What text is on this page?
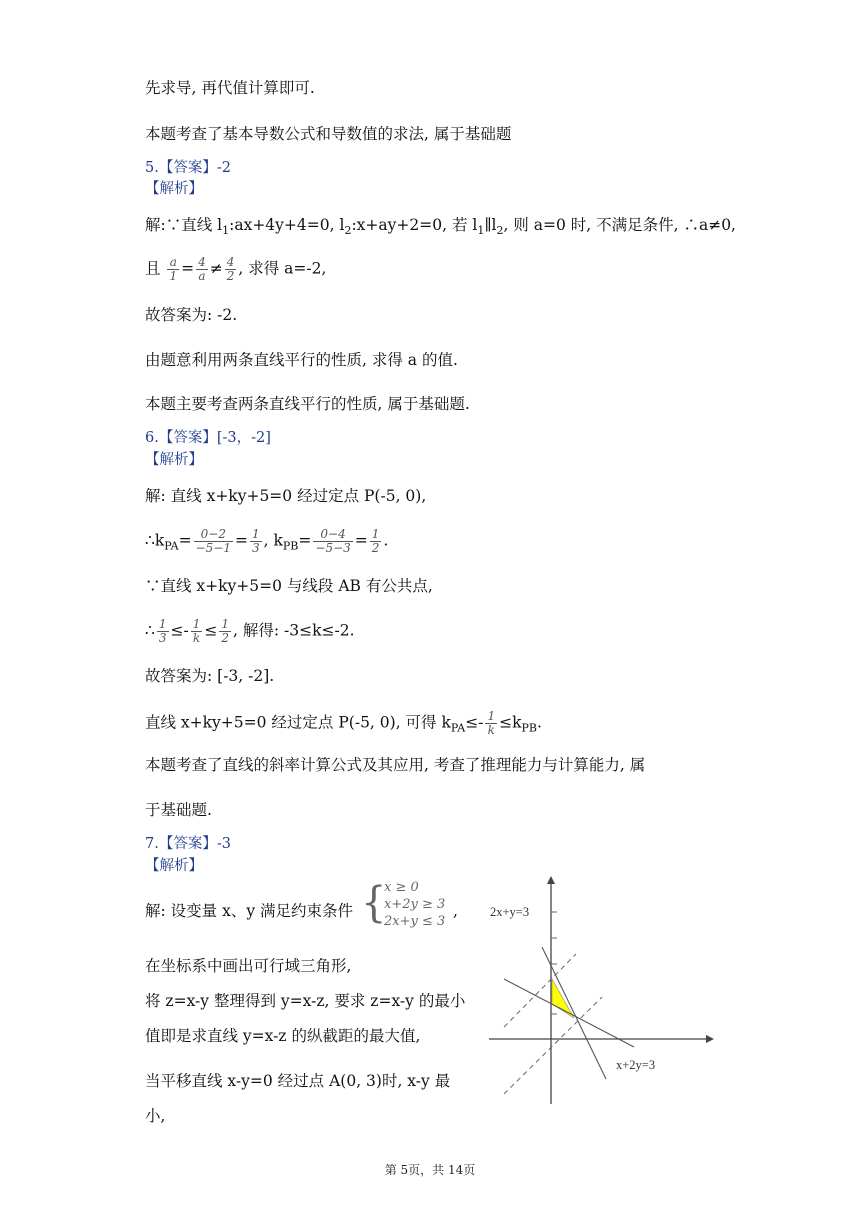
先求导, 再代值计算即可.
本题考查了基本导数公式和导数值的求法, 属于基础题
5.【答案】-2
【解析】
解:∵直线 $l_1:ax+4y+4=0$, $l_2:x+ay+2=0$, 若 $l_1\parallel l_2$, 则 a=0 时, 不满足条件, ∴a≠0,
且 $\frac{a}{1} = \frac{4}{a} \ne \frac{4}{2}$ , 求得 a=-2,
故答案为: -2.
由题意利用两条直线平行的性质, 求得 a 的值.
本题主要考查两条直线平行的性质, 属于基础题.
6.【答案】[-3，-2]
【解析】
解: 直线 x+ky+5=0 经过定点 P(-5, 0),
$\therefore k_{PA}= \frac{0-2}{-5-1} = \frac{1}{3}$ , $k_{PB}= \frac{0-4}{-5-3} = \frac{1}{2}$ .
∵直线 x+ky+5=0 与线段 AB 有公共点,
∴ $\frac{1}{3} \le- \frac{1}{k} \le \frac{1}{2}$ , 解得: -3≤k≤-2.
故答案为: [-3, -2].
直线 x+ky+5=0 经过定点 P(-5, 0), 可得 $k_{PA}\le- \frac{1}{k} \le k_{PB}$.
本题考查了直线的斜率计算公式及其应用, 考查了推理能力与计算能力, 属
于基础题.
7.【答案】-3
【解析】
解: 设变量 x、y 满足约束条件 {
x ≥ 0
x+2y ≥ 3
2x+y ≤ 3
,
在坐标系中画出可行域三角形,
将 z=x-y 整理得到 y=x-z, 要求 z=x-y 的最小
值即是求直线 y=x-z 的纵截距的最大值,
当平移直线 x-y=0 经过点 A(0, 3)时, x-y 最
小,
2x+y=3
x+2y=3
第 5页，共 14页
